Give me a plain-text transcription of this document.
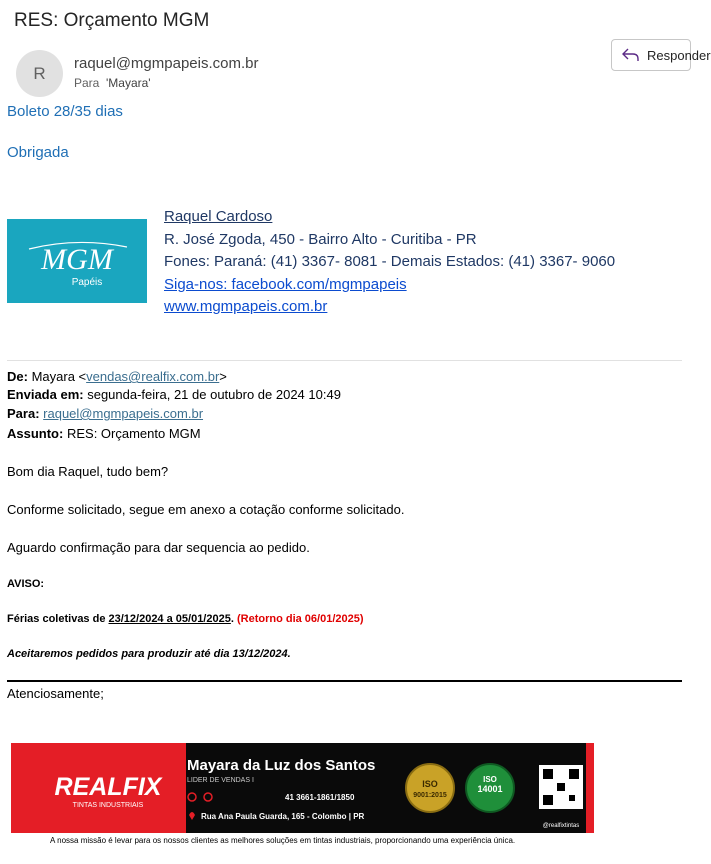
RES: Orçamento MGM
R	raquel@mgmpapeis.com.br
Para 'Mayara'
Responder
Boleto 28/35 dias
Obrigada
MGM
Papéis
Raquel Cardoso
R. José Zgoda, 450 - Bairro Alto - Curitiba - PR
Fones: Paraná: (41) 3367- 8081 - Demais Estados: (41) 3367- 9060
Siga-nos: facebook.com/mgmpapeis
www.mgmpapeis.com.br
De: Mayara <vendas@realfix.com.br>
Enviada em: segunda-feira, 21 de outubro de 2024 10:49
Para: raquel@mgmpapeis.com.br
Assunto: RES: Orçamento MGM
Bom dia Raquel, tudo bem?
Conforme solicitado, segue em anexo a cotação conforme solicitado.
Aguardo confirmação para dar sequencia ao pedido.
AVISO:
Férias coletivas de 23/12/2024 a 05/01/2025. (Retorno dia 06/01/2025)
Aceitaremos pedidos para produzir até dia 13/12/2024.
Atenciosamente;
REALFIX
TINTAS INDUSTRIAIS
Mayara da Luz dos Santos
LIDER DE VENDAS I
41 3661-1861/1850
Rua Ana Paula Guarda, 165 - Colombo | PR
ISO
9001:2015
ISO
14001
@realfixtintas
A nossa missão é levar para os nossos clientes as melhores soluções em tintas industriais, proporcionando uma experiência única.
